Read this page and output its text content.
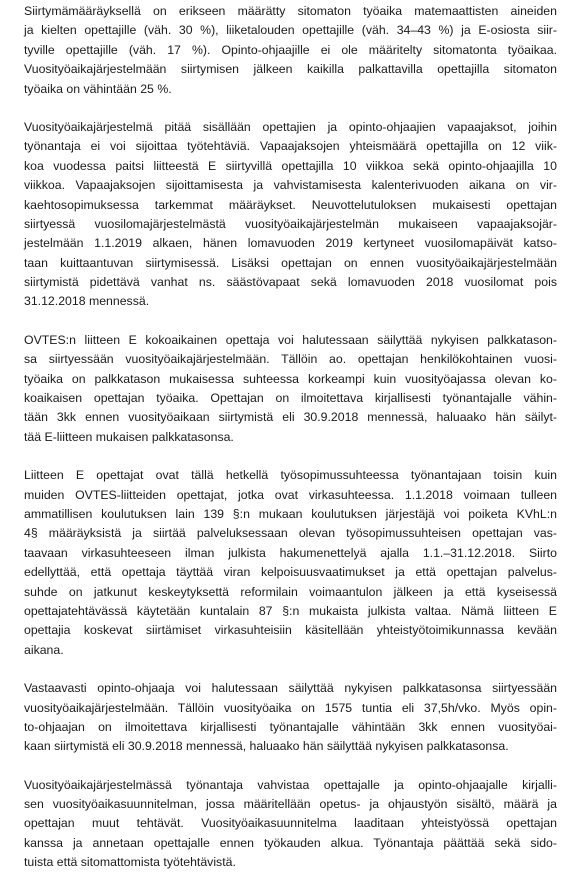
Siirtymämääräyksellä on erikseen määrätty sitomaton työaika matemaattisten aineiden
ja kielten opettajille (väh. 30 %), liiketalouden opettajille (väh. 34–43 %) ja E-osiosta siir-
tyville opettajille (väh. 17 %). Opinto-ohjaajille ei ole määritelty sitomatonta työaikaa.
Vuosityöaikajärjestelmään siirtymisen jälkeen kaikilla palkattavilla opettajilla sitomaton
työaika on vähintään 25 %.
Vuosityöaikajärjestelmä pitää sisällään opettajien ja opinto-ohjaajien vapaajaksot, joihin
työnantaja ei voi sijoittaa työtehtäviä. Vapaajaksojen yhteismäärä opettajilla on 12 viik-
koa vuodessa paitsi liitteestä E siirtyvillä opettajilla 10 viikkoa sekä opinto-ohjaajilla 10
viikkoa. Vapaajaksojen sijoittamisesta ja vahvistamisesta kalenterivuoden aikana on vir-
kaehtosopimuksessa tarkemmat määräykset. Neuvottelutuloksen mukaisesti opettajan
siirtyessä vuosilomajärjestelmästä vuosityöaikajärjestelmän mukaiseen vapaajaksojär-
jestelmään 1.1.2019 alkaen, hänen lomavuoden 2019 kertyneet vuosilomapäivät katso-
taan kuittaantuvan siirtymisessä. Lisäksi opettajan on ennen vuosityöaikajärjestelmään
siirtymistä pidettävä vanhat ns. säästövapaat sekä lomavuoden 2018 vuosilomat pois
31.12.2018 mennessä.
OVTES:n liitteen E kokoaikainen opettaja voi halutessaan säilyttää nykyisen palkkatason-
sa siirtyessään vuosityöaikajärjestelmään. Tällöin ao. opettajan henkilökohtainen vuosi-
työaika on palkkatason mukaisessa suhteessa korkeampi kuin vuosityöajassa olevan ko-
koaikaisen opettajan työaika. Opettajan on ilmoitettava kirjallisesti työnantajalle vähin-
tään 3kk ennen vuosityöaikaan siirtymistä eli 30.9.2018 mennessä, haluaako hän säilyt-
tää E-liitteen mukaisen palkkatasonsa.
Liitteen E opettajat ovat tällä hetkellä työsopimussuhteessa työnantajaan toisin kuin
muiden OVTES-liitteiden opettajat, jotka ovat virkasuhteessa. 1.1.2018 voimaan tulleen
ammatillisen koulutuksen lain 139 §:n mukaan koulutuksen järjestäjä voi poiketa KVhL:n
4§ määräyksistä ja siirtää palveluksessaan olevan työsopimussuhteisen opettajan vas-
taavaan virkasuhteeseen ilman julkista hakumenettelyä ajalla 1.1.–31.12.2018. Siirto
edellyttää, että opettaja täyttää viran kelpoisuusvaatimukset ja että opettajan palvelus-
suhde on jatkunut keskeytyksettä reformilain voimaantulon jälkeen ja että kyseisessä
opettajatehtävässä käytetään kuntalain 87 §:n mukaista julkista valtaa. Nämä liitteen E
opettajia koskevat siirtämiset virkasuhteisiin käsitellään yhteistyötoimikunnassa kevään
aikana.
Vastaavasti opinto-ohjaaja voi halutessaan säilyttää nykyisen palkkatasonsa siirtyessään
vuosityöaikajärjestelmään. Tällöin vuosityöaika on 1575 tuntia eli 37,5h/vko. Myös opin-
to-ohjaajan on ilmoitettava kirjallisesti työnantajalle vähintään 3kk ennen vuosityöai-
kaan siirtymistä eli 30.9.2018 mennessä, haluaako hän säilyttää nykyisen palkkatasonsa.
Vuosityöaikajärjestelmässä työnantaja vahvistaa opettajalle ja opinto-ohjaajalle kirjalli-
sen vuosityöaikasuunnitelman, jossa määritellään opetus- ja ohjaustyön sisältö, määrä ja
opettajan muut tehtävät. Vuosityöaikasuunnitelma laaditaan yhteistyössä opettajan
kanssa ja annetaan opettajalle ennen työkauden alkua. Työnantaja päättää sekä sido-
tuista että sitomattomista työtehtävistä.
